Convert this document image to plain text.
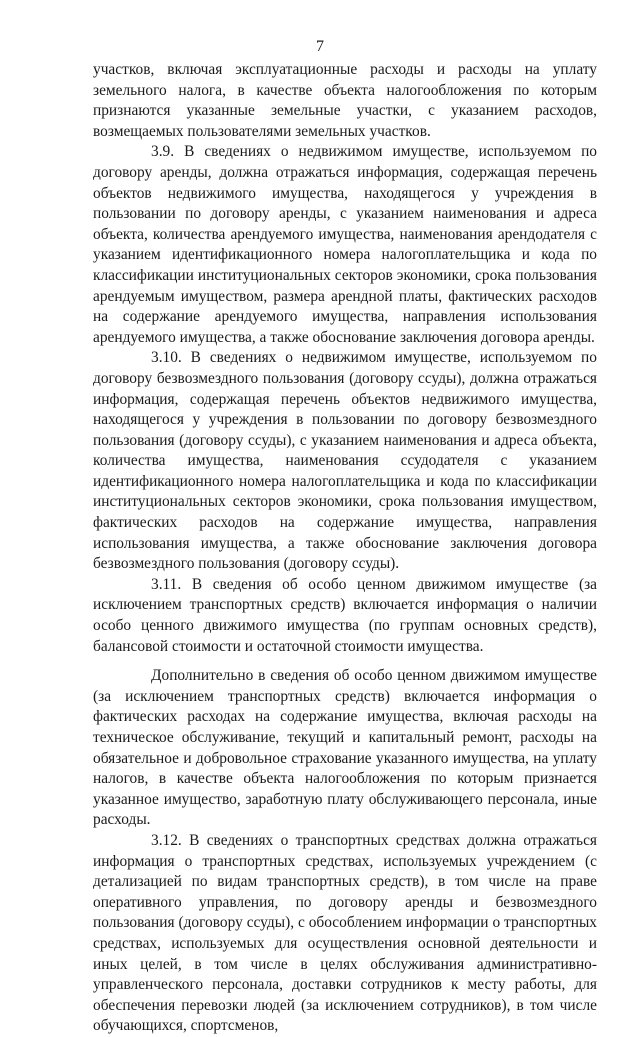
7

участков, включая эксплуатационные расходы и расходы на уплату земельного налога, в качестве объекта налогообложения по которым признаются указанные земельные участки, с указанием расходов, возмещаемых пользователями земельных участков.

3.9. В сведениях о недвижимом имуществе, используемом по договору аренды, должна отражаться информация, содержащая перечень объектов недвижимого имущества, находящегося у учреждения в пользовании по договору аренды, с указанием наименования и адреса объекта, количества арендуемого имущества, наименования арендодателя с указанием идентификационного номера налогоплательщика и кода по классификации институциональных секторов экономики, срока пользования арендуемым имуществом, размера арендной платы, фактических расходов на содержание арендуемого имущества, направления использования арендуемого имущества, а также обоснование заключения договора аренды.

3.10. В сведениях о недвижимом имуществе, используемом по договору безвозмездного пользования (договору ссуды), должна отражаться информация, содержащая перечень объектов недвижимого имущества, находящегося у учреждения в пользовании по договору безвозмездного пользования (договору ссуды), с указанием наименования и адреса объекта, количества имущества, наименования ссудодателя с указанием идентификационного номера налогоплательщика и кода по классификации институциональных секторов экономики, срока пользования имуществом, фактических расходов на содержание имущества, направления использования имущества, а также обоснование заключения договора безвозмездного пользования (договору ссуды).

3.11. В сведения об особо ценном движимом имуществе (за исключением транспортных средств) включается информация о наличии особо ценного движимого имущества (по группам основных средств), балансовой стоимости и остаточной стоимости имущества.

Дополнительно в сведения об особо ценном движимом имуществе (за исключением транспортных средств) включается информация о фактических расходах на содержание имущества, включая расходы на техническое обслуживание, текущий и капитальный ремонт, расходы на обязательное и добровольное страхование указанного имущества, на уплату налогов, в качестве объекта налогообложения по которым признается указанное имущество, заработную плату обслуживающего персонала, иные расходы.

3.12. В сведениях о транспортных средствах должна отражаться информация о транспортных средствах, используемых учреждением (с детализацией по видам транспортных средств), в том числе на праве оперативного управления, по договору аренды и безвозмездного пользования (договору ссуды), с обособлением информации о транспортных средствах, используемых для осуществления основной деятельности и иных целей, в том числе в целях обслуживания административно-управленческого персонала, доставки сотрудников к месту работы, для обеспечения перевозки людей (за исключением сотрудников), в том числе обучающихся, спортсменов,
